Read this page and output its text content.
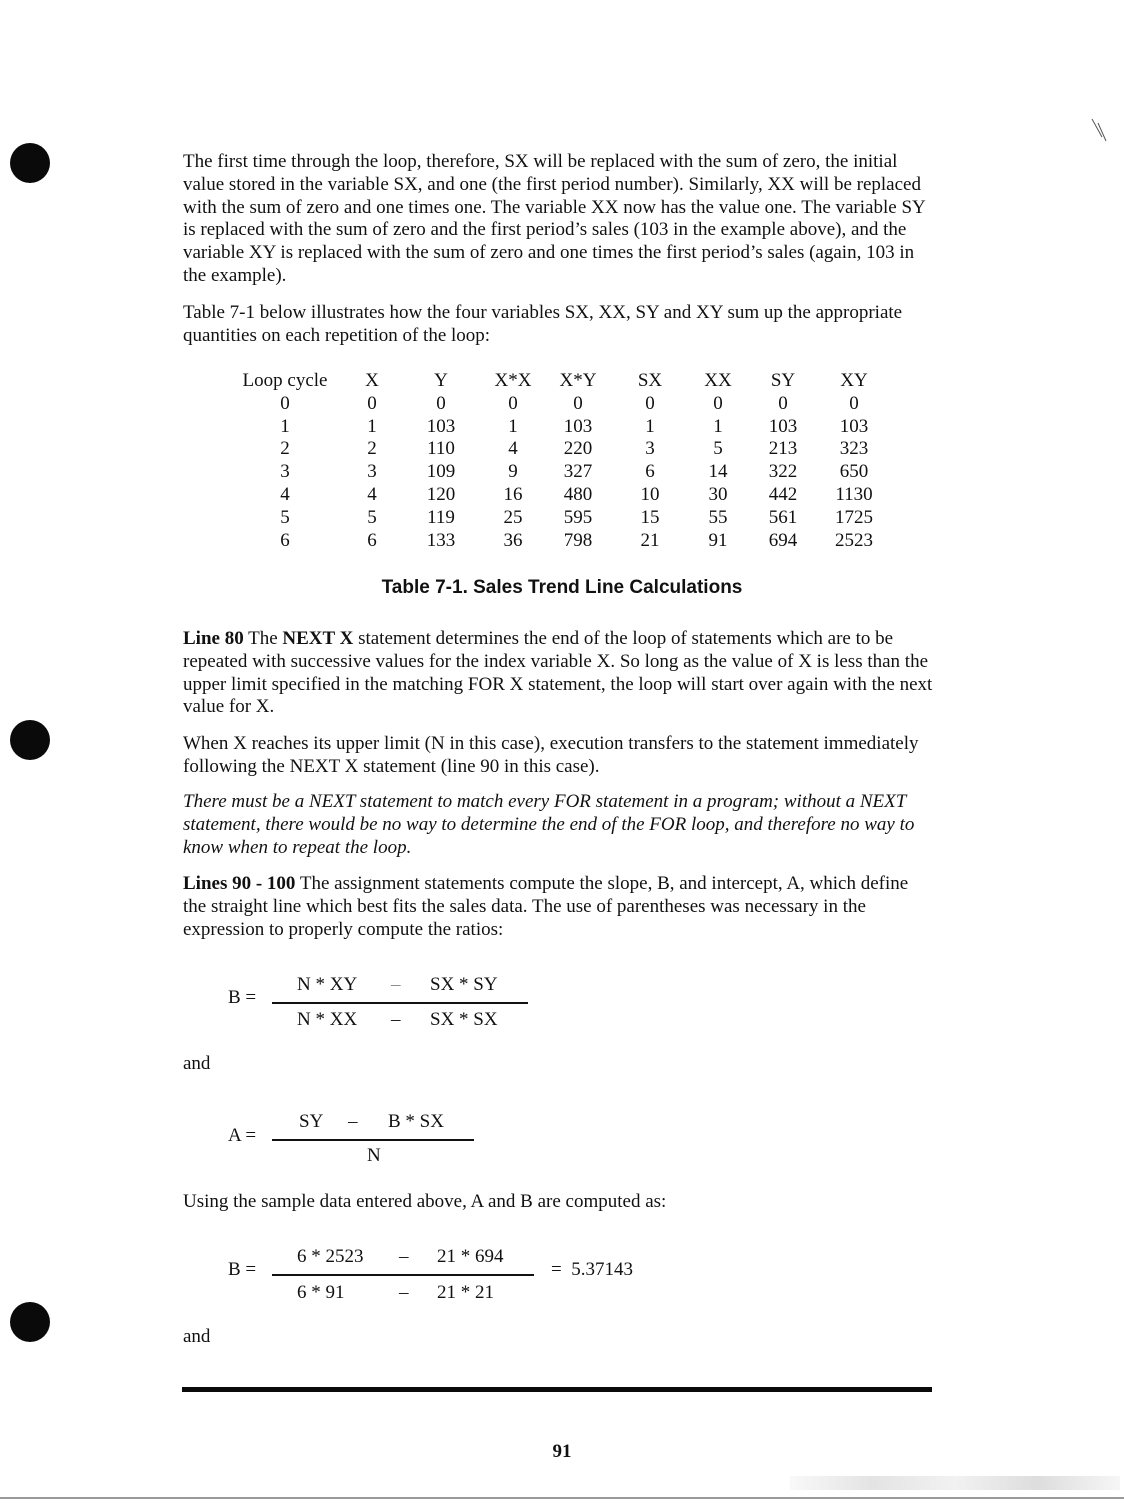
The first time through the loop, therefore, SX will be replaced with the sum of zero, the initial value stored in the variable SX, and one (the first period number). Similarly, XX will be replaced with the sum of zero and one times one. The variable XX now has the value one. The variable SY is replaced with the sum of zero and the first period’s sales (103 in the example above), and the variable XY is replaced with the sum of zero and one times the first period’s sales (again, 103 in the example).

Table 7-1 below illustrates how the four variables SX, XX, SY and XY sum up the appropriate quantities on each repetition of the loop:

Loop cycle	X	Y	X*X	X*Y	SX	XX	SY	XY
0	0	0	0	0	0	0	0	0
1	1	103	1	103	1	1	103	103
2	2	110	4	220	3	5	213	323
3	3	109	9	327	6	14	322	650
4	4	120	16	480	10	30	442	1130
5	5	119	25	595	15	55	561	1725
6	6	133	36	798	21	91	694	2523
Table 7-1. Sales Trend Line Calculations

Line 80 The NEXT X statement determines the end of the loop of statements which are to be repeated with successive values for the index variable X. So long as the value of X is less than the upper limit specified in the matching FOR X statement, the loop will start over again with the next value for X.

When X reaches its upper limit (N in this case), execution transfers to the statement immediately following the NEXT X statement (line 90 in this case).

There must be a NEXT statement to match every FOR statement in a program; without a NEXT statement, there would be no way to determine the end of the FOR loop, and therefore no way to know when to repeat the loop.

Lines 90 - 100 The assignment statements compute the slope, B, and intercept, A, which define the straight line which best fits the sales data. The use of parentheses was necessary in the expression to properly compute the ratios:

B =
N * XY – SX * SY
N * XX – SX * SX
and
A =
SY – B * SX
N

Using the sample data entered above, A and B are computed as:

B =
6 * 2523 – 21 * 694
6 * 91	– 21 * 21
=  5.37143
and
91
